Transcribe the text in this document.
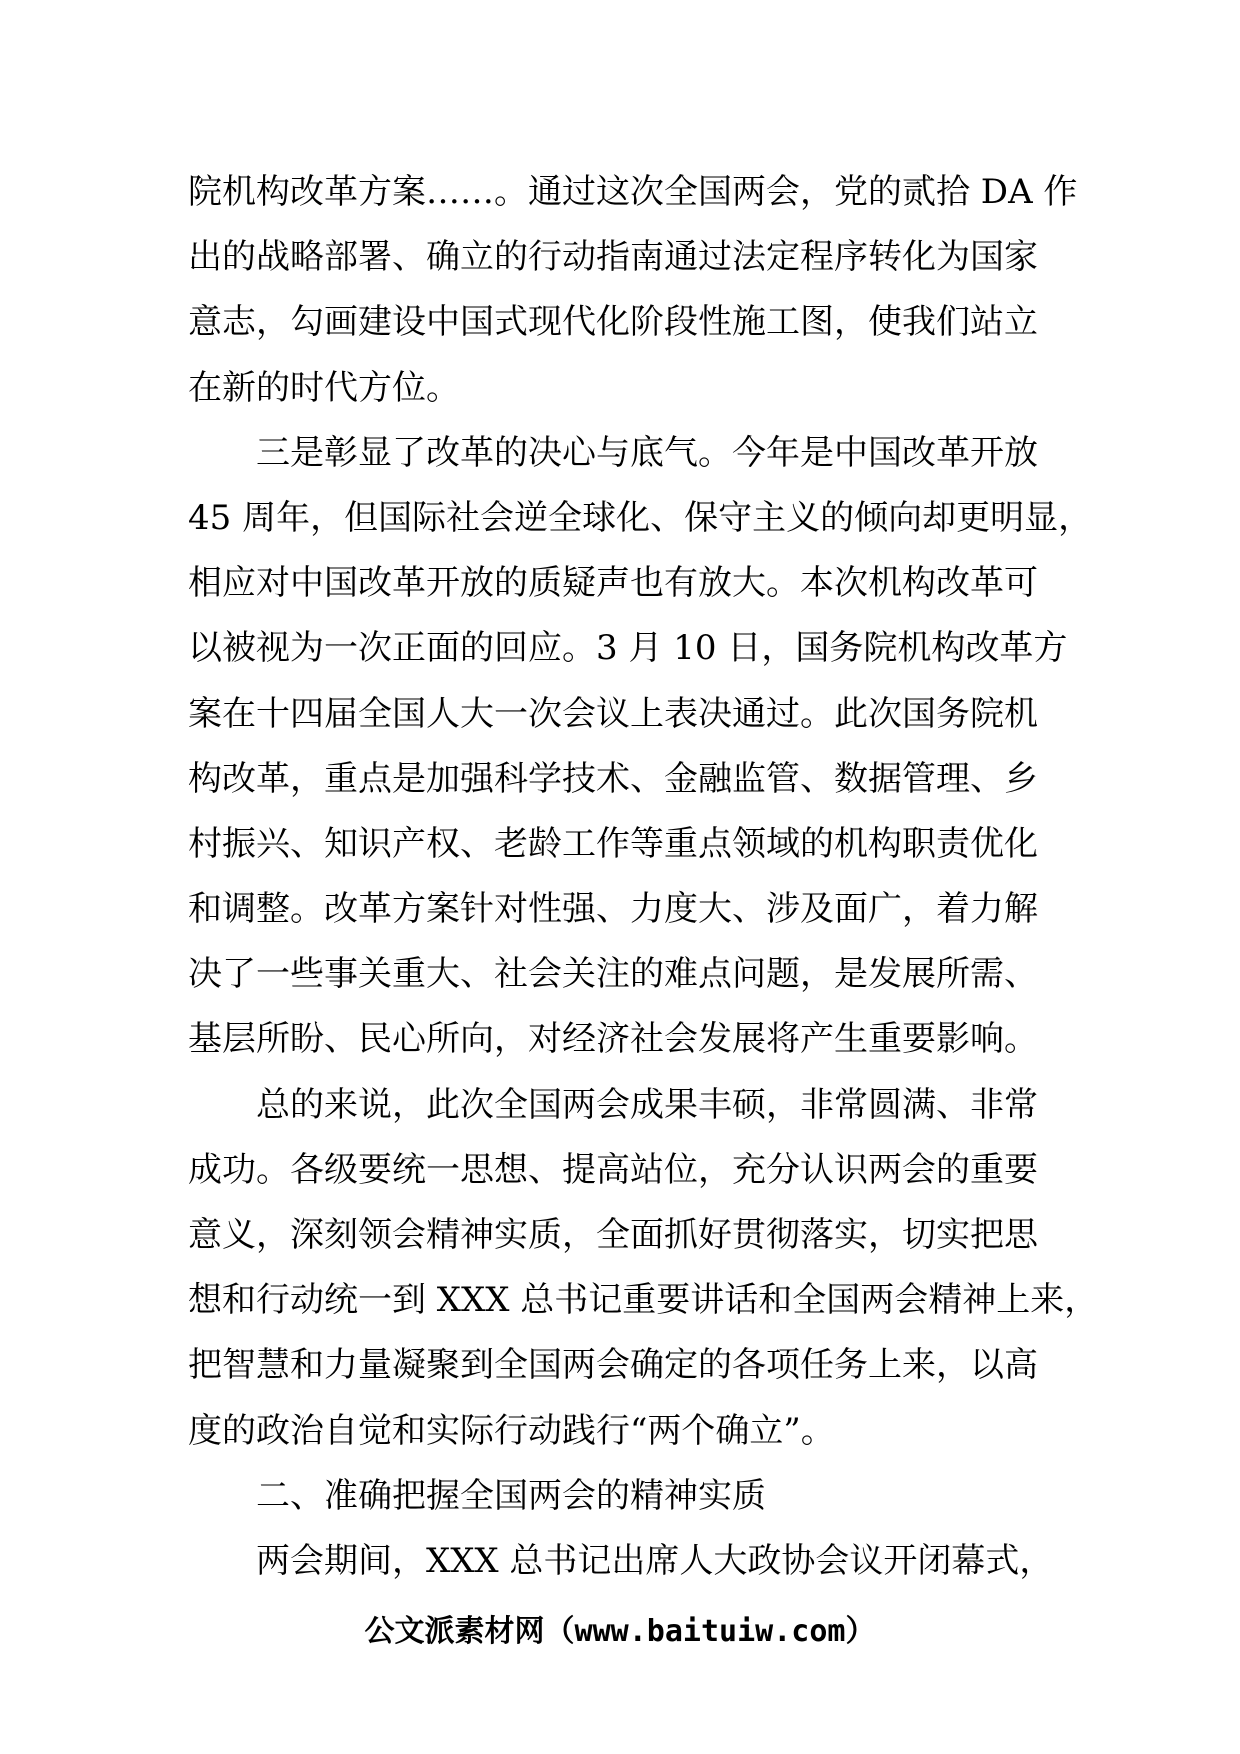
院机构改革方案……。通过这次全国两会，党的贰拾 DA 作
出的战略部署、确立的行动指南通过法定程序转化为国家
意志，勾画建设中国式现代化阶段性施工图，使我们站立
在新的时代方位。
三是彰显了改革的决心与底气。今年是中国改革开放
45 周年，但国际社会逆全球化、保守主义的倾向却更明显，
相应对中国改革开放的质疑声也有放大。本次机构改革可
以被视为一次正面的回应。3 月 10 日，国务院机构改革方
案在十四届全国人大一次会议上表决通过。此次国务院机
构改革，重点是加强科学技术、金融监管、数据管理、乡
村振兴、知识产权、老龄工作等重点领域的机构职责优化
和调整。改革方案针对性强、力度大、涉及面广，着力解
决了一些事关重大、社会关注的难点问题，是发展所需、
基层所盼、民心所向，对经济社会发展将产生重要影响。
总的来说，此次全国两会成果丰硕，非常圆满、非常
成功。各级要统一思想、提高站位，充分认识两会的重要
意义，深刻领会精神实质，全面抓好贯彻落实，切实把思
想和行动统一到 XXX 总书记重要讲话和全国两会精神上来，
把智慧和力量凝聚到全国两会确定的各项任务上来，以高
度的政治自觉和实际行动践行“两个确立”。
二、准确把握全国两会的精神实质
两会期间，XXX 总书记出席人大政协会议开闭幕式，
公文派素材网（www.baituiw.com）
